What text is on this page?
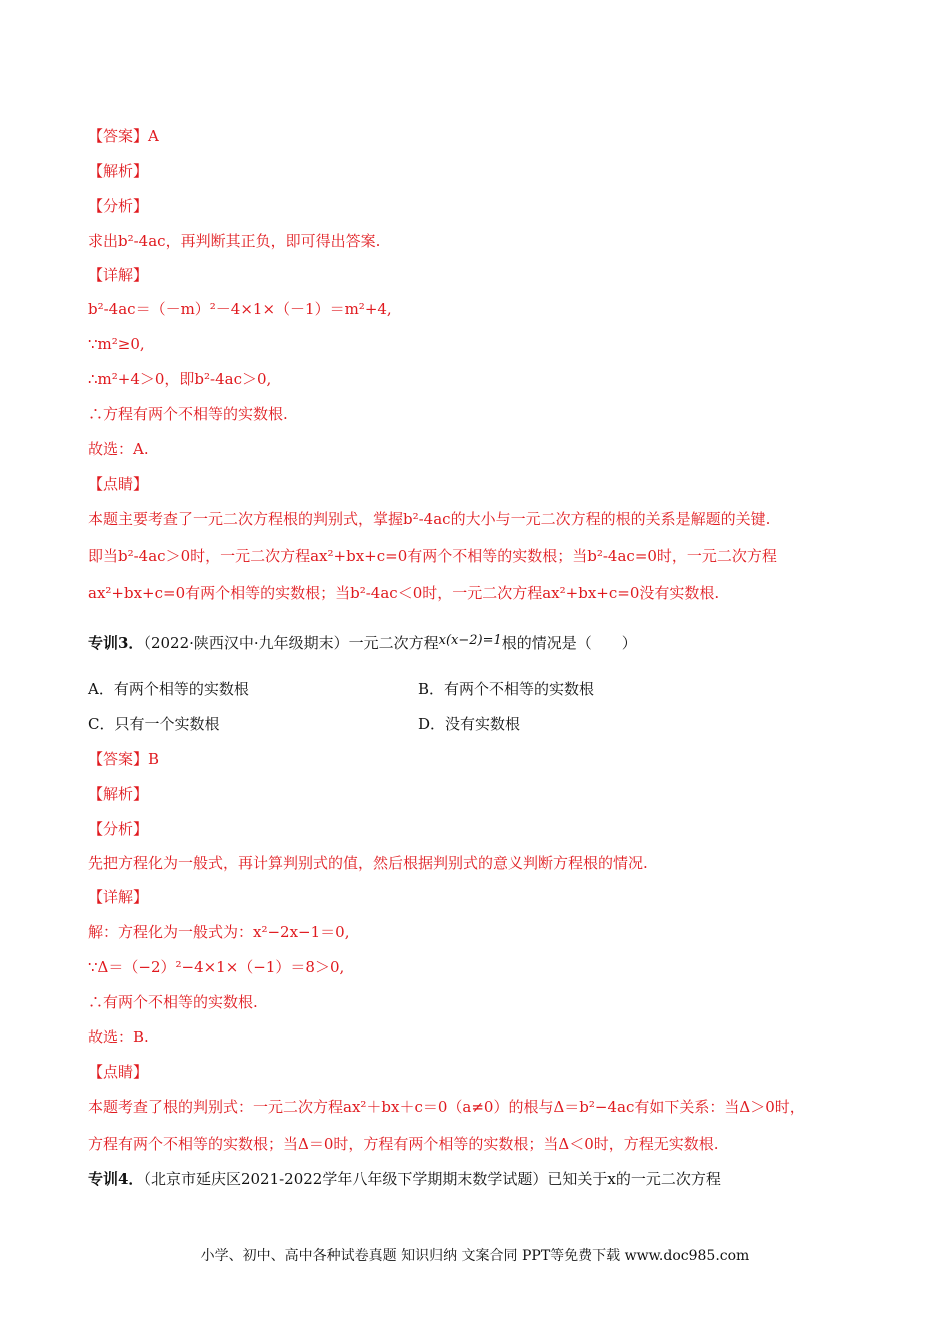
【答案】A
【解析】
【分析】
求出b²-4ac，再判断其正负，即可得出答案.
【详解】
b²-4ac＝（－m）²－4×1×（－1）＝m²+4,
∵m²≥0,
∴m²+4＞0，即b²-4ac＞0,
∴方程有两个不相等的实数根.
故选：A.
【点睛】
本题主要考查了一元二次方程根的判别式，掌握b²-4ac的大小与一元二次方程的根的关系是解题的关键.
即当b²-4ac＞0时，一元二次方程ax²+bx+c=0有两个不相等的实数根；当b²-4ac=0时，一元二次方程
ax²+bx+c=0有两个相等的实数根；当b²-4ac＜0时，一元二次方程ax²+bx+c=0没有实数根.
专训3．（2022·陕西汉中·九年级期末）一元二次方程x(x−2)=1根的情况是（　　）
A．有两个相等的实数根	B．有两个不相等的实数根
C．只有一个实数根	D．没有实数根
【答案】B
【解析】
【分析】
先把方程化为一般式，再计算判别式的值，然后根据判别式的意义判断方程根的情况.
【详解】
解：方程化为一般式为：x²−2x−1＝0,
∵Δ＝（−2）²−4×1×（−1）＝8＞0,
∴有两个不相等的实数根.
故选：B.
【点睛】
本题考查了根的判别式：一元二次方程ax²＋bx＋c＝0（a≠0）的根与Δ＝b²−4ac有如下关系：当Δ＞0时，
方程有两个不相等的实数根；当Δ＝0时，方程有两个相等的实数根；当Δ＜0时，方程无实数根.
专训4．（北京市延庆区2021-2022学年八年级下学期期末数学试题）已知关于x的一元二次方程
小学、初中、高中各种试卷真题 知识归纳 文案合同 PPT等免费下载 www.doc985.com
